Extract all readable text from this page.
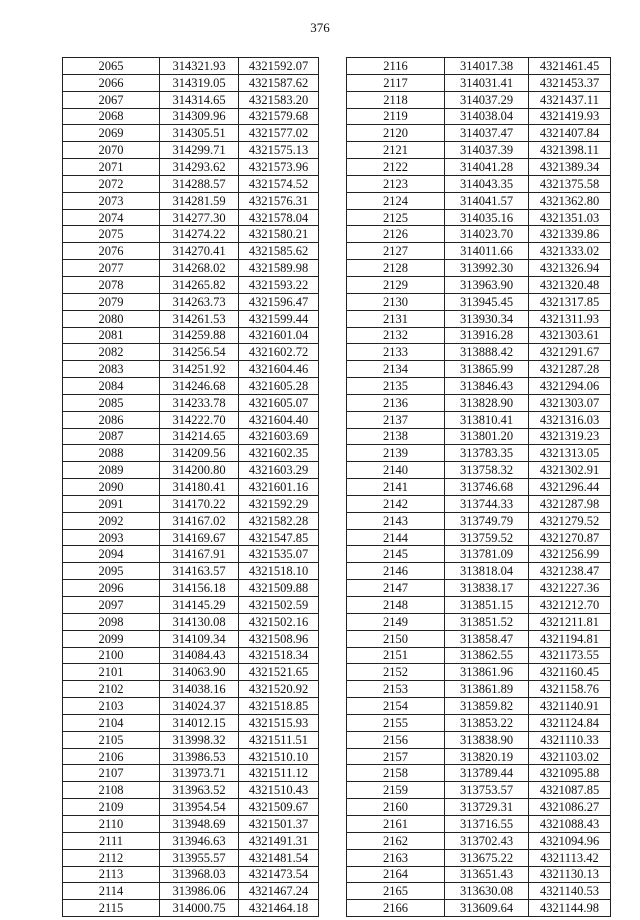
376
2065	314321.93	4321592.07
2066	314319.05	4321587.62
2067	314314.65	4321583.20
2068	314309.96	4321579.68
2069	314305.51	4321577.02
2070	314299.71	4321575.13
2071	314293.62	4321573.96
2072	314288.57	4321574.52
2073	314281.59	4321576.31
2074	314277.30	4321578.04
2075	314274.22	4321580.21
2076	314270.41	4321585.62
2077	314268.02	4321589.98
2078	314265.82	4321593.22
2079	314263.73	4321596.47
2080	314261.53	4321599.44
2081	314259.88	4321601.04
2082	314256.54	4321602.72
2083	314251.92	4321604.46
2084	314246.68	4321605.28
2085	314233.78	4321605.07
2086	314222.70	4321604.40
2087	314214.65	4321603.69
2088	314209.56	4321602.35
2089	314200.80	4321603.29
2090	314180.41	4321601.16
2091	314170.22	4321592.29
2092	314167.02	4321582.28
2093	314169.67	4321547.85
2094	314167.91	4321535.07
2095	314163.57	4321518.10
2096	314156.18	4321509.88
2097	314145.29	4321502.59
2098	314130.08	4321502.16
2099	314109.34	4321508.96
2100	314084.43	4321518.34
2101	314063.90	4321521.65
2102	314038.16	4321520.92
2103	314024.37	4321518.85
2104	314012.15	4321515.93
2105	313998.32	4321511.51
2106	313986.53	4321510.10
2107	313973.71	4321511.12
2108	313963.52	4321510.43
2109	313954.54	4321509.67
2110	313948.69	4321501.37
2111	313946.63	4321491.31
2112	313955.57	4321481.54
2113	313968.03	4321473.54
2114	313986.06	4321467.24
2115	314000.75	4321464.18
2116	314017.38	4321461.45
2117	314031.41	4321453.37
2118	314037.29	4321437.11
2119	314038.04	4321419.93
2120	314037.47	4321407.84
2121	314037.39	4321398.11
2122	314041.28	4321389.34
2123	314043.35	4321375.58
2124	314041.57	4321362.80
2125	314035.16	4321351.03
2126	314023.70	4321339.86
2127	314011.66	4321333.02
2128	313992.30	4321326.94
2129	313963.90	4321320.48
2130	313945.45	4321317.85
2131	313930.34	4321311.93
2132	313916.28	4321303.61
2133	313888.42	4321291.67
2134	313865.99	4321287.28
2135	313846.43	4321294.06
2136	313828.90	4321303.07
2137	313810.41	4321316.03
2138	313801.20	4321319.23
2139	313783.35	4321313.05
2140	313758.32	4321302.91
2141	313746.68	4321296.44
2142	313744.33	4321287.98
2143	313749.79	4321279.52
2144	313759.52	4321270.87
2145	313781.09	4321256.99
2146	313818.04	4321238.47
2147	313838.17	4321227.36
2148	313851.15	4321212.70
2149	313851.52	4321211.81
2150	313858.47	4321194.81
2151	313862.55	4321173.55
2152	313861.96	4321160.45
2153	313861.89	4321158.76
2154	313859.82	4321140.91
2155	313853.22	4321124.84
2156	313838.90	4321110.33
2157	313820.19	4321103.02
2158	313789.44	4321095.88
2159	313753.57	4321087.85
2160	313729.31	4321086.27
2161	313716.55	4321088.43
2162	313702.43	4321094.96
2163	313675.22	4321113.42
2164	313651.43	4321130.13
2165	313630.08	4321140.53
2166	313609.64	4321144.98
